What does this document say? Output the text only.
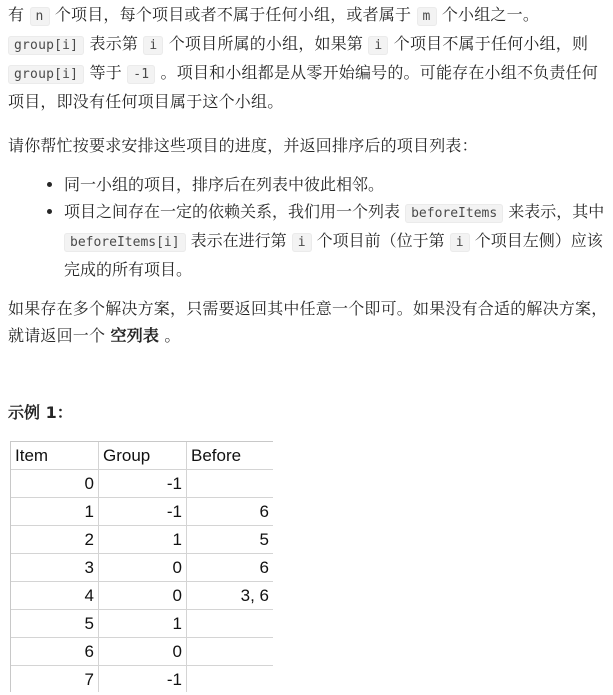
有 n 个项目，每个项目或者不属于任何小组，或者属于 m 个小组之一。group[i] 表示第 i 个项目所属的小组，如果第 i 个项目不属于任何小组，则 group[i] 等于 -1 。项目和小组都是从零开始编号的。可能存在小组不负责任何项目，即没有任何项目属于这个小组。

请你帮忙按要求安排这些项目的进度，并返回排序后的项目列表：

• 同一小组的项目，排序后在列表中彼此相邻。
• 项目之间存在一定的依赖关系，我们用一个列表 beforeItems 来表示，其中 beforeItems[i] 表示在进行第 i 个项目前（位于第 i 个项目左侧）应该完成的所有项目。

如果存在多个解决方案，只需要返回其中任意一个即可。如果没有合适的解决方案，就请返回一个 空列表 。

示例 1：

Item	Group	Before
0	-1
1	-1	6
2	1	5
3	0	6
4	0	3, 6
5	1
6	0
7	-1
